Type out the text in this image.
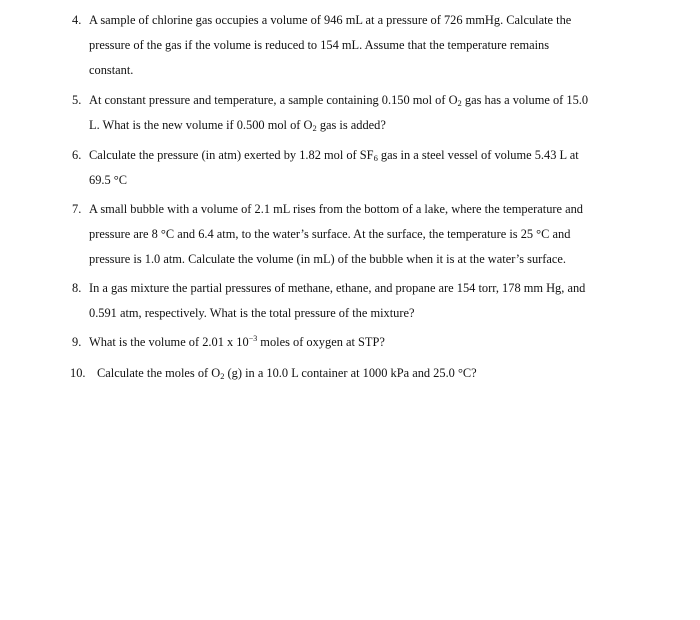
4. A sample of chlorine gas occupies a volume of 946 mL at a pressure of 726 mmHg. Calculate the
pressure of the gas if the volume is reduced to 154 mL. Assume that the temperature remains
constant.
5. At constant pressure and temperature, a sample containing 0.150 mol of $O_2$ gas has a volume of 15.0
L. What is the new volume if 0.500 mol of $O_2$ gas is added?
6. Calculate the pressure (in atm) exerted by 1.82 mol of $SF_6$ gas in a steel vessel of volume 5.43 L at
69.5 °C
7. A small bubble with a volume of 2.1 mL rises from the bottom of a lake, where the temperature and
pressure are 8 °C and 6.4 atm, to the water’s surface. At the surface, the temperature is 25 °C and
pressure is 1.0 atm. Calculate the volume (in mL) of the bubble when it is at the water’s surface.
8. In a gas mixture the partial pressures of methane, ethane, and propane are 154 torr, 178 mm Hg, and
0.591 atm, respectively. What is the total pressure of the mixture?
9. What is the volume of 2.01 x $10^{-3}$ moles of oxygen at STP?
10. Calculate the moles of $O_2$ (g) in a 10.0 L container at 1000 kPa and 25.0 °C?
